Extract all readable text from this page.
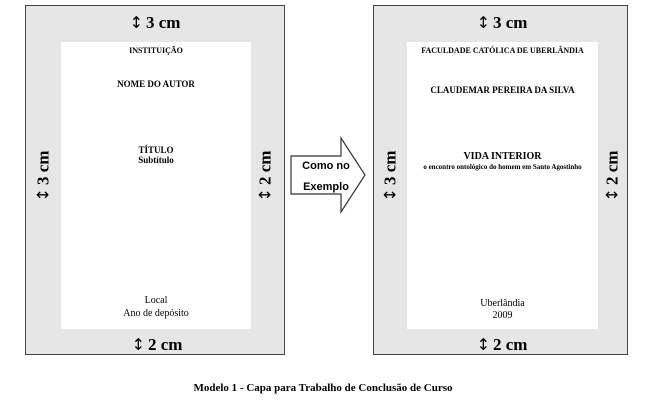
INSTITUIÇÃO
NOME DO AUTOR
TÍTULO
Subtítulo
Local
Ano de depósito
↕ 3 cm
↕3 cm
↕2 cm
↕ 2 cm
Como no
Exemplo
FACULDADE CATÓLICA DE UBERLÂNDIA
CLAUDEMAR PEREIRA DA SILVA
VIDA INTERIOR
o encontro ontológico do homem em Santo Agostinho
Uberlândia
2009
↕ 3 cm
↕3 cm
↕2 cm
↕ 2 cm
Modelo 1 - Capa para Trabalho de Conclusão de Curso
